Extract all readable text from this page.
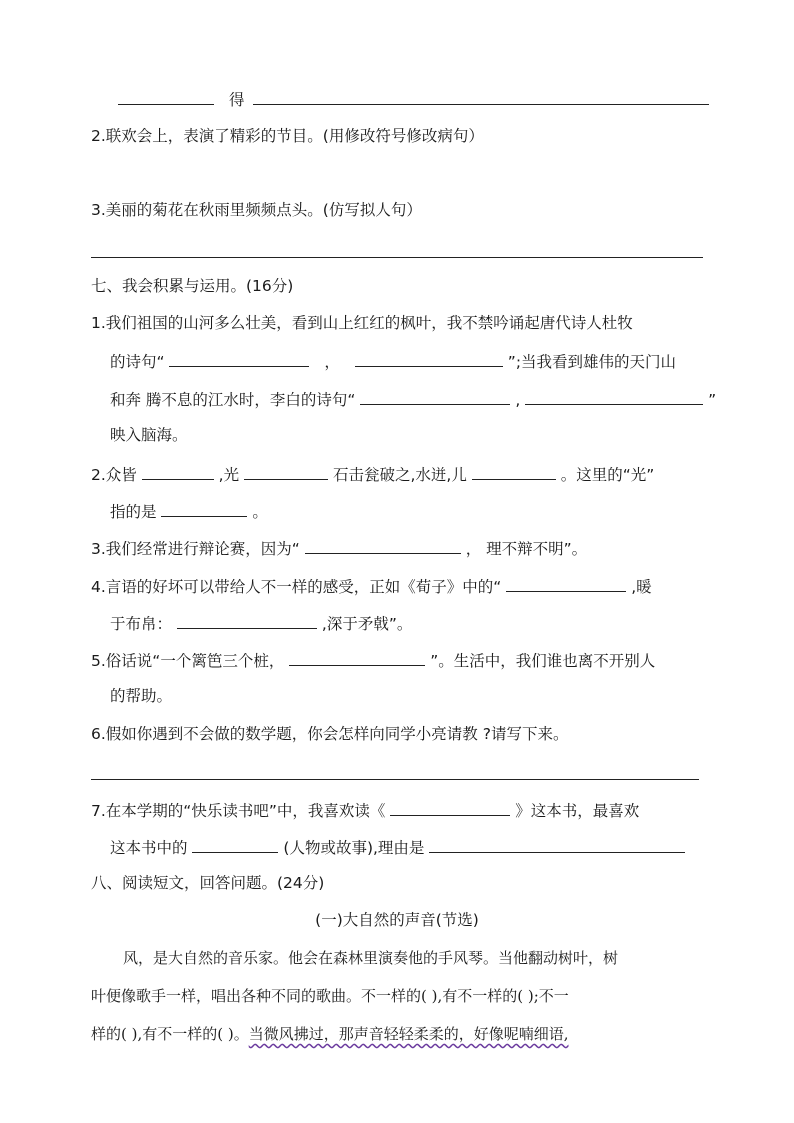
得
2.联欢会上，表演了精彩的节目。(用修改符号修改病句）
3.美丽的菊花在秋雨里频频点头。(仿写拟人句）
七、我会积累与运用。(16分)
1.我们祖国的山河多么壮美，看到山上红红的枫叶，我不禁吟诵起唐代诗人杜牧
的诗句“	，	”;当我看到雄伟的天门山
和奔 腾不息的江水时，李白的诗句“	,	”
映入脑海。
2.众皆	,光	石击瓮破之,水迸,儿	。这里的“光”
指的是	。
3.我们经常进行辩论赛，因为“	， 理不辩不明”。
4.言语的好坏可以带给人不一样的感受，正如《荀子》中的“	,暖
于布帛：	,深于矛戟”。
5.俗话说“一个篱笆三个桩，	”。生活中，我们谁也离不开别人
的帮助。
6.假如你遇到不会做的数学题，你会怎样向同学小亮请教 ?请写下来。
7.在本学期的“快乐读书吧”中，我喜欢读《	》这本书，最喜欢
这本书中的	(人物或故事),理由是
八、阅读短文，回答问题。(24分)
(一)大自然的声音(节选)
风，是大自然的音乐家。他会在森林里演奏他的手风琴。当他翻动树叶，树
叶便像歌手一样，唱出各种不同的歌曲。不一样的( ),有不一样的( );不一
样的( ),有不一样的( )。当微风拂过，那声音轻轻柔柔的，好像呢喃细语,
